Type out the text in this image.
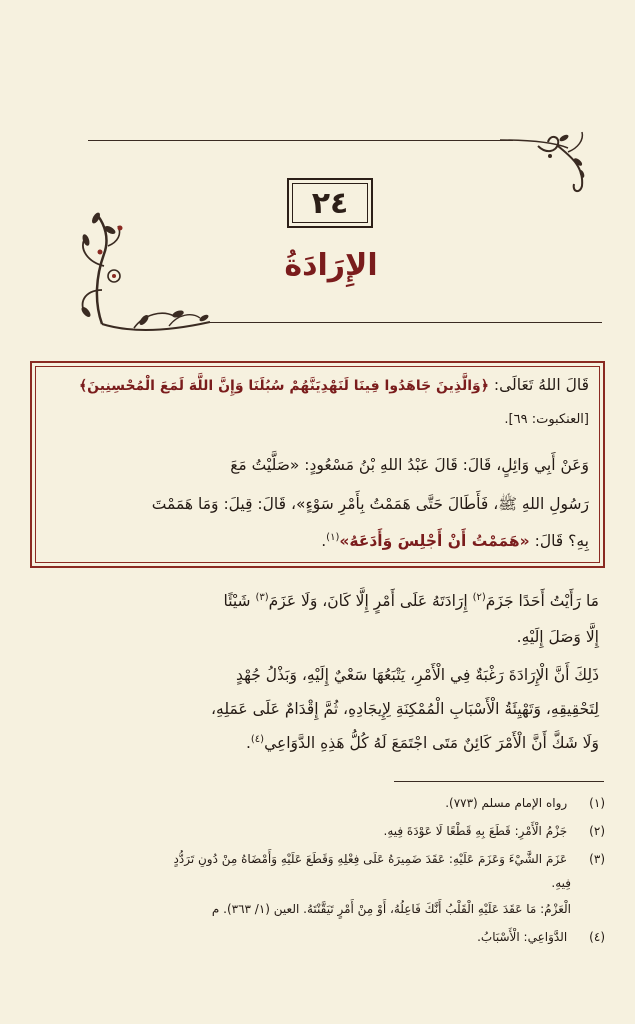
٢٤
الإِرَادَةُ
قَالَ اللهُ تَعَالَى: ﴿وَالَّذِينَ جَاهَدُوا فِينَا لَنَهْدِيَنَّهُمْ سُبُلَنَا وَإِنَّ اللَّهَ لَمَعَ الْمُحْسِنِينَ﴾
[العنكبوت: ٦٩].
وَعَنْ أَبِي وَائِلٍ، قَالَ: قَالَ عَبْدُ اللهِ بْنُ مَسْعُودٍ: «صَلَّيْتُ مَعَ
رَسُولِ اللهِ ﷺ، فَأَطَالَ حَتَّى هَمَمْتُ بِأَمْرِ سَوْءٍ»، قَالَ: قِيلَ: وَمَا هَمَمْتَ
بِهِ؟ قَالَ: «هَمَمْتُ أَنْ أَجْلِسَ وَأَدَعَهُ»$^{(١)}$.
مَا رَأَيْتُ أَحَدًا جَزَمَ$^{(٢)}$ إِرَادَتَهُ عَلَى أَمْرٍ إِلَّا كَانَ، وَلَا عَزَمَ$^{(٣)}$ شَيْئًا
إِلَّا وَصَلَ إِلَيْهِ.
ذَلِكَ أَنَّ الْإِرَادَةَ رَغْبَةٌ فِي الْأَمْرِ، يَتْبَعُهَا سَعْيٌ إِلَيْهِ، وَبَذْلُ جُهْدٍ
لِتَحْقِيقِهِ، وَتَهْيِئَةُ الْأَسْبَابِ الْمُمْكِنَةِ لِإِيجَادِهِ، ثُمَّ إِقْدَامٌ عَلَى عَمَلِهِ،
وَلَا شَكَّ أَنَّ الْأَمْرَ كَائِنٌ مَتَى اجْتَمَعَ لَهُ كُلُّ هَذِهِ الدَّوَاعِي$^{(٤)}$.
(١) رواه الإمام مسلم (٧٧٣).
(٢) جَزْمُ الْأَمْرِ: قَطَعَ بِهِ قَطْعًا لَا عَوْدَةَ فِيهِ.
(٣) عَزَمَ الشَّيْءَ وَعَزَمَ عَلَيْهِ: عَقَدَ ضَمِيرَهُ عَلَى فِعْلِهِ وَقَطَعَ عَلَيْهِ وَأَمْضَاهُ مِنْ دُونِ تَرَدُّدٍ
فِيهِ.
الْعَزْمُ: مَا عَقَدَ عَلَيْهِ الْقَلْبُ أَنَّكَ فَاعِلُهُ، أَوْ مِنْ أَمْرٍ تَيَقَّنْتَهُ. العين (١/ ٣٦٣). م
(٤) الدَّوَاعِي: الْأَسْبَابُ.
